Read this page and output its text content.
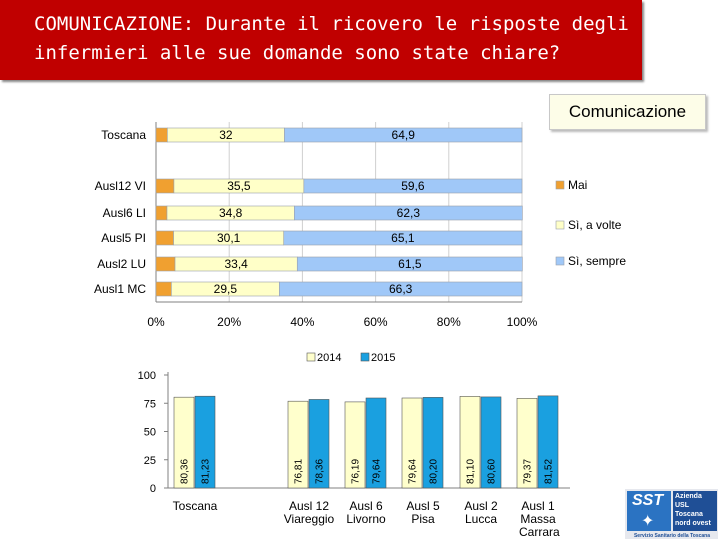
COMUNICAZIONE: Durante il ricovero le risposte degli infermieri alle sue domande sono state chiare?
Comunicazione
0%	20%	40%	60%	80%	100%
Toscana	32	64,9
Ausl12 VI	35,5	59,6
Ausl6 LI	34,8	62,3
Ausl5 PI	30,1	65,1
Ausl2 LU	33,4	61,5
Ausl1 MC	29,5	66,3
Mai
Sì, a volte
Sì, sempre
0
25
50
75
100
80,36 81,23
Toscana
76,81 78,36
Ausl 12
Viareggio
76,19 79,64
Ausl 6
Livorno
79,64 80,20
Ausl 5
Pisa
81,10 80,60
Ausl 2
Lucca
79,37 81,52
Ausl 1
Massa
Carrara
2014	2015
SST
✦
Azienda
USL
Toscana
nord ovest
Servizio Sanitario della Toscana
